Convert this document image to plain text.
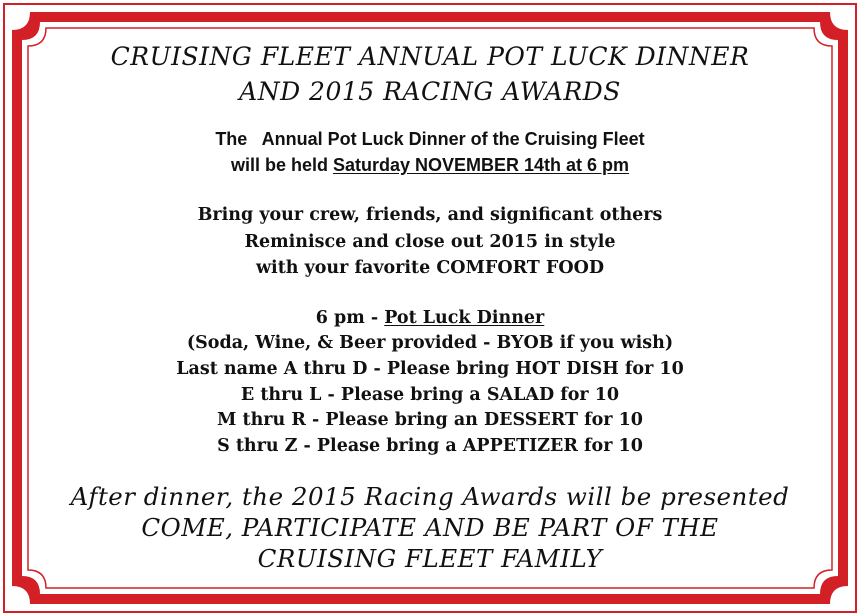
CRUISING FLEET ANNUAL POT LUCK DINNER
AND 2015 RACING AWARDS
The   Annual Pot Luck Dinner of the Cruising Fleet
will be held Saturday NOVEMBER 14th at 6 pm
Bring your crew, friends, and significant others
Reminisce and close out 2015 in style
with your favorite COMFORT FOOD
6 pm - Pot Luck Dinner
(Soda, Wine, & Beer provided - BYOB if you wish)
Last name A thru D - Please bring HOT DISH for 10
E thru L - Please bring a SALAD for 10
M thru R - Please bring an DESSERT for 10
S thru Z - Please bring a APPETIZER for 10
After dinner, the 2015 Racing Awards will be presented
COME, PARTICIPATE AND BE PART OF THE
CRUISING FLEET FAMILY
